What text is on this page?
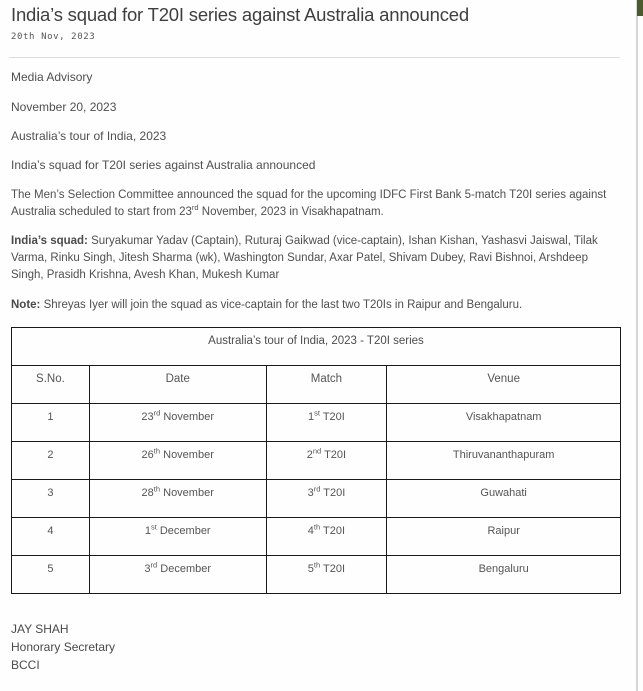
India’s squad for T20I series against Australia announced
20th Nov, 2023
Media Advisory
November 20, 2023
Australia’s tour of India, 2023
India’s squad for T20I series against Australia announced
The Men’s Selection Committee announced the squad for the upcoming IDFC First Bank 5-match T20I series against Australia scheduled to start from 23rd November, 2023 in Visakhapatnam.
India’s squad: Suryakumar Yadav (Captain), Ruturaj Gaikwad (vice-captain), Ishan Kishan, Yashasvi Jaiswal, Tilak Varma, Rinku Singh, Jitesh Sharma (wk), Washington Sundar, Axar Patel, Shivam Dubey, Ravi Bishnoi, Arshdeep Singh, Prasidh Krishna, Avesh Khan, Mukesh Kumar
Note: Shreyas Iyer will join the squad as vice-captain for the last two T20Is in Raipur and Bengaluru.
Australia’s tour of India, 2023 - T20I series			
S.No.	Date	Match	Venue
1	23rd November	1st T20I	Visakhapatnam
2	26th November	2nd T20I	Thiruvananthapuram
3	28th November	3rd T20I	Guwahati
4	1st December	4th T20I	Raipur
5	3rd December	5th T20I	Bengaluru
JAY SHAH
Honorary Secretary
BCCI
